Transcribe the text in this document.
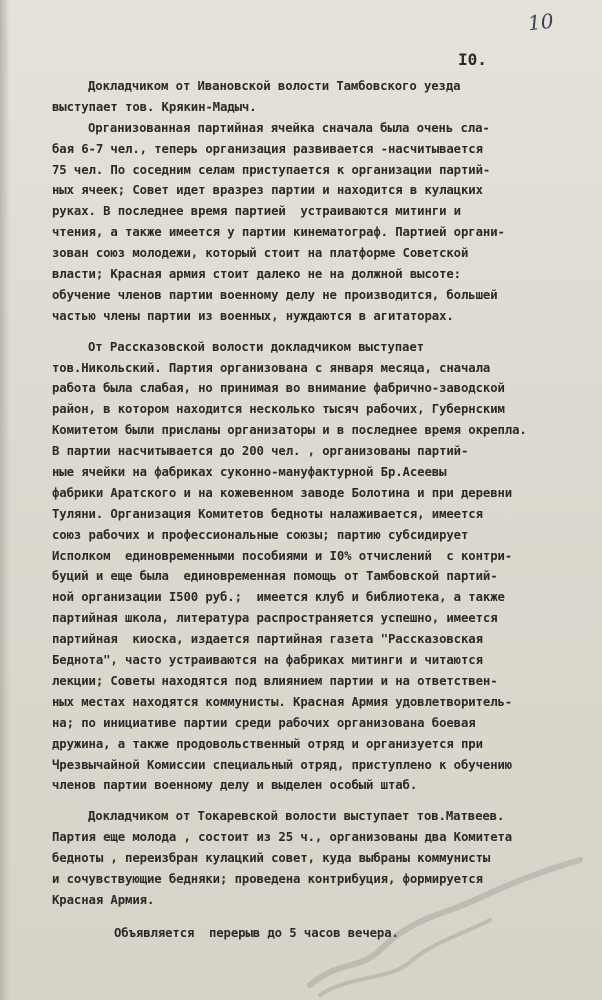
10
I0.
Докладчиком от Ивановской волости Тамбовского уезда
выступает тов. Крякин-Мадыч.
Организованная партийная ячейка сначала была очень сла-
бая 6-7 чел., теперь организация развивается -насчитывается
75 чел. По соседним селам приступается к организации партий-
ных ячеек; Совет идет вразрез партии и находится в кулацких
руках. В последнее время партией  устраиваются митинги и
чтения, а также имеется у партии кинематограф. Партией органи-
зован союз молодежи, который стоит на платформе Советской
власти; Красная армия стоит далеко не на должной высоте:
обучение членов партии военному делу не производится, большей
частью члены партии из военных, нуждаются в агитаторах.
От Рассказовской волости докладчиком выступает
тов.Никольский. Партия организована с января месяца, сначала
работа была слабая, но принимая во внимание фабрично-заводской
район, в котором находится несколько тысяч рабочих, Губернским
Комитетом были присланы организаторы и в последнее время окрепла.
В партии насчитывается до 200 чел. , организованы партий-
ные ячейки на фабриках суконно-мануфактурной Бр.Асеевы
фабрики Аратского и на кожевенном заводе Болотина и при деревни
Туляни. Организация Комитетов бедноты налаживается, имеется
союз рабочих и профессиональные союзы; партию субсидирует
Исполком  единовременными пособиями и I0% отчислений  с контри-
буций и еще была  единовременная помощь от Тамбовской партий-
ной организации I500 руб.;  имеется клуб и библиотека, а также
партийная школа, литература распространяется успешно, имеется
партийная  киоска, издается партийная газета "Рассказовская
Беднота", часто устраиваются на фабриках митинги и читаются
лекции; Советы находятся под влиянием партии и на ответствен-
ных местах находятся коммунисты. Красная Армия удовлетворитель-
на; по инициативе партии среди рабочих организована боевая
дружина, а также продовольственный отряд и организуется при
Чрезвычайной Комиссии специальный отряд, приступлено к обучению
членов партии военному делу и выделен особый штаб.
Докладчиком от Токаревской волости выступает тов.Матвеев.
Партия еще молода , состоит из 25 ч., организованы два Комитета
бедноты , переизбран кулацкий совет, куда выбраны коммунисты
и сочувствующие бедняки; проведена контрибуция, формируется
Красная Армия.
Объявляется  перерыв до 5 часов вечера.
